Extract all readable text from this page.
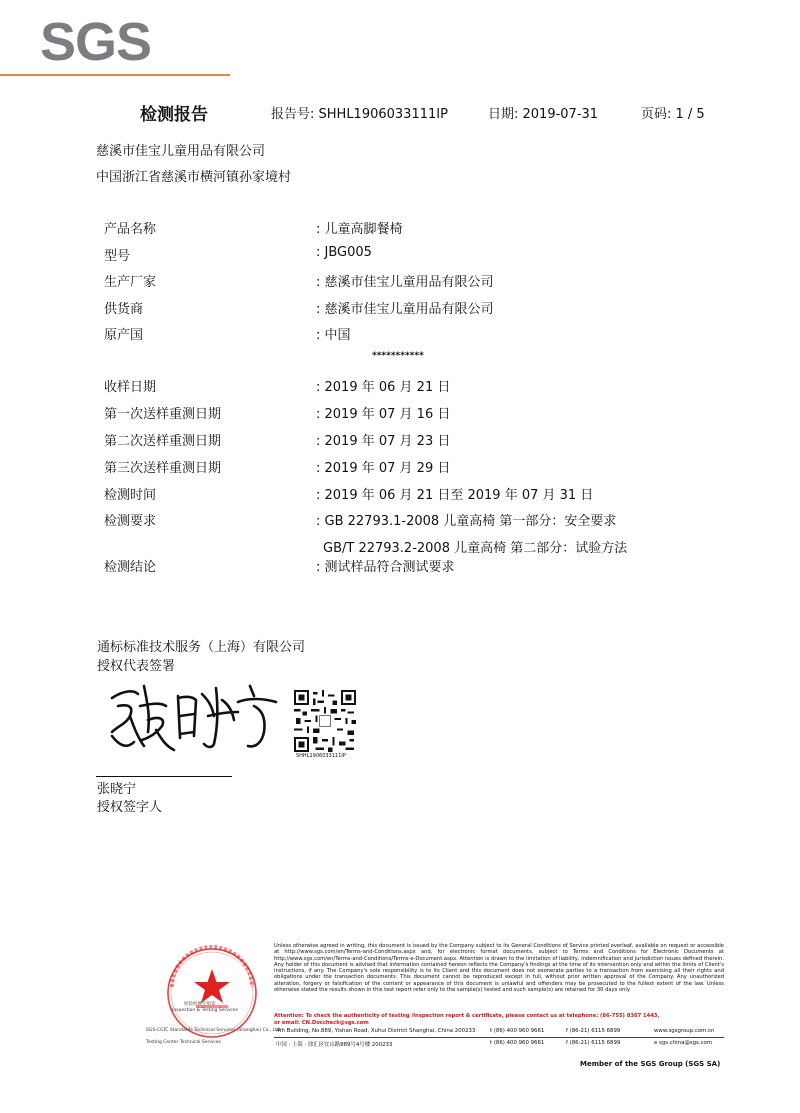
SGS
检测报告	报告号: SHHL1906033111IP	日期: 2019-07-31	页码: 1 / 5
慈溪市佳宝儿童用品有限公司
中国浙江省慈溪市横河镇孙家境村
产品名称	: 儿童高脚餐椅
型号	: JBG005
生产厂家	: 慈溪市佳宝儿童用品有限公司
供货商	: 慈溪市佳宝儿童用品有限公司
原产国	: 中国
***********
收样日期	: 2019 年 06 月 21 日
第一次送样重测日期	: 2019 年 07 月 16 日
第二次送样重测日期	: 2019 年 07 月 23 日
第三次送样重测日期	: 2019 年 07 月 29 日
检测时间	: 2019 年 06 月 21 日至 2019 年 07 月 31 日
检测要求	: GB 22793.1-2008 儿童高椅 第一部分：安全要求
GB/T 22793.2-2008 儿童高椅 第二部分：试验方法
检测结论	: 测试样品符合测试要求
通标标准技术服务（上海）有限公司
授权代表签署
SHHL1906033111IP
张晓宁
授权签字人
检验检测专用章
Inspection & Testing Services
SGS-CSTC Standards Technical Services (Shanghai) Co., Ltd.
Testing Center Technical Services
Unless otherwise agreed in writing, this document is issued by the Company subject to its General Conditions of Service printed overleaf, available on request or accessible at http://www.sgs.com/en/Terms-and-Conditions.aspx and, for electronic format documents, subject to Terms and Conditions for Electronic Documents at http://www.sgs.com/en/Terms-and-Conditions/Terms-e-Document.aspx. Attention is drawn to the limitation of liability, indemnification and jurisdiction issues defined therein. Any holder of this document is advised that information contained hereon reflects the Company's findings at the time of its intervention only and within the limits of Client's instructions, if any. The Company's sole responsibility is to its Client and this document does not exonerate parties to a transaction from exercising all their rights and obligations under the transaction documents. This document cannot be reproduced except in full, without prior written approval of the Company. Any unauthorized alteration, forgery or falsification of the content or appearance of this document is unlawful and offenders may be prosecuted to the fullest extent of the law. Unless otherwise stated the results shown in this test report refer only to the sample(s) tested and such sample(s) are retained for 30 days only.
Attention: To check the authenticity of testing /inspection report & certificate, please contact us at telephone: (86-755) 8307 1443,
or email: CN.Doccheck@sgs.com
4th Building, No.889, Yishan Road, Xuhui District Shanghai, China 200233	t (86) 400 960 9661	f (86-21) 6115 6899	www.sgsgroup.com.cn
中国 · 上海 · 徐汇区宜山路889号4号楼 200233	t (86) 400 960 9661	f (86-21) 6115 6899	e sgs.china@sgs.com
Member of the SGS Group (SGS SA)
